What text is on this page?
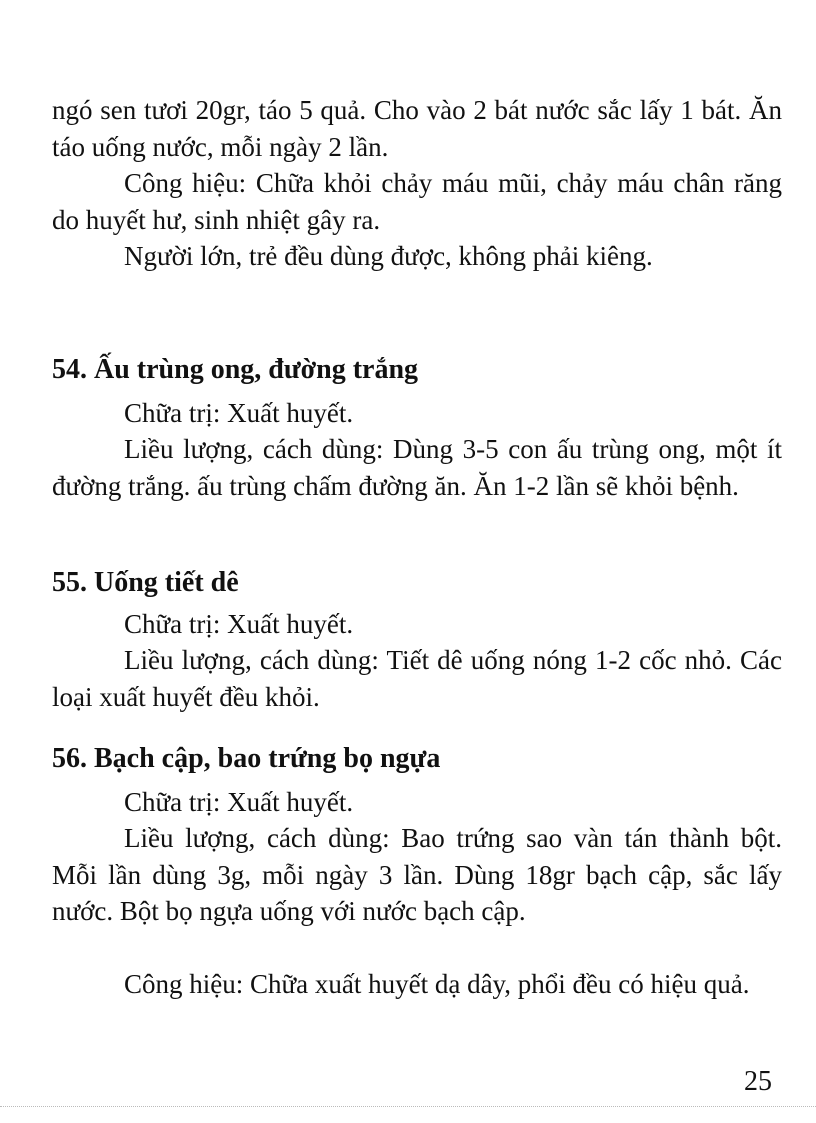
ngó sen tươi 20gr, táo 5 quả. Cho vào 2 bát nước sắc lấy 1 bát. Ăn táo uống nước, mỗi ngày 2 lần.

Công hiệu: Chữa khỏi chảy máu mũi, chảy máu chân răng do huyết hư, sinh nhiệt gây ra.

Người lớn, trẻ đều dùng được, không phải kiêng.

54. Ấu trùng ong, đường trắng

Chữa trị: Xuất huyết.

Liều lượng, cách dùng: Dùng 3-5 con ấu trùng ong, một ít đường trắng. ấu trùng chấm đường ăn. Ăn 1-2 lần sẽ khỏi bệnh.

55. Uống tiết dê

Chữa trị: Xuất huyết.

Liều lượng, cách dùng: Tiết dê uống nóng 1-2 cốc nhỏ. Các loại xuất huyết đều khỏi.

56. Bạch cập, bao trứng bọ ngựa

Chữa trị: Xuất huyết.

Liều lượng, cách dùng: Bao trứng sao vàn tán thành bột. Mỗi lần dùng 3g, mỗi ngày 3 lần. Dùng 18gr bạch cập, sắc lấy nước. Bột bọ ngựa uống với nước bạch cập.

Công hiệu: Chữa xuất huyết dạ dây, phổi đều có hiệu quả.

25
